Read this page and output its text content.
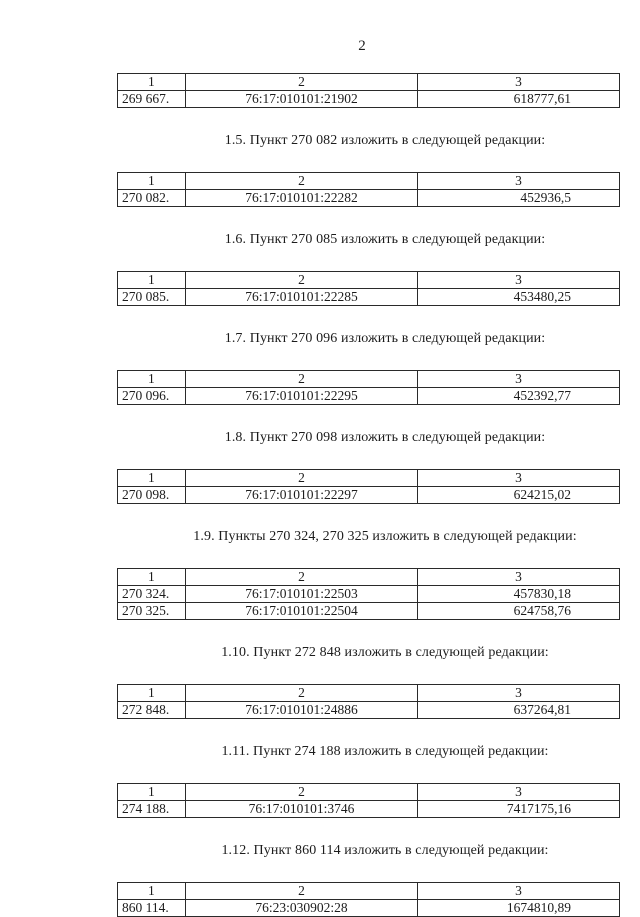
2
1	2	3
269 667.	76:17:010101:21902	618777,61

1.5. Пункт 270 082 изложить в следующей редакции:

1	2	3
270 082.	76:17:010101:22282	452936,5

1.6. Пункт 270 085 изложить в следующей редакции:

1	2	3
270 085.	76:17:010101:22285	453480,25

1.7. Пункт 270 096 изложить в следующей редакции:

1	2	3
270 096.	76:17:010101:22295	452392,77

1.8. Пункт 270 098 изложить в следующей редакции:

1	2	3
270 098.	76:17:010101:22297	624215,02

1.9. Пункты 270 324, 270 325 изложить в следующей редакции:

1	2	3
270 324.	76:17:010101:22503	457830,18
270 325.	76:17:010101:22504	624758,76

1.10. Пункт 272 848 изложить в следующей редакции:

1	2	3
272 848.	76:17:010101:24886	637264,81

1.11. Пункт 274 188 изложить в следующей редакции:

1	2	3
274 188.	76:17:010101:3746	7417175,16

1.12. Пункт 860 114 изложить в следующей редакции:

1	2	3
860 114.	76:23:030902:28	1674810,89
